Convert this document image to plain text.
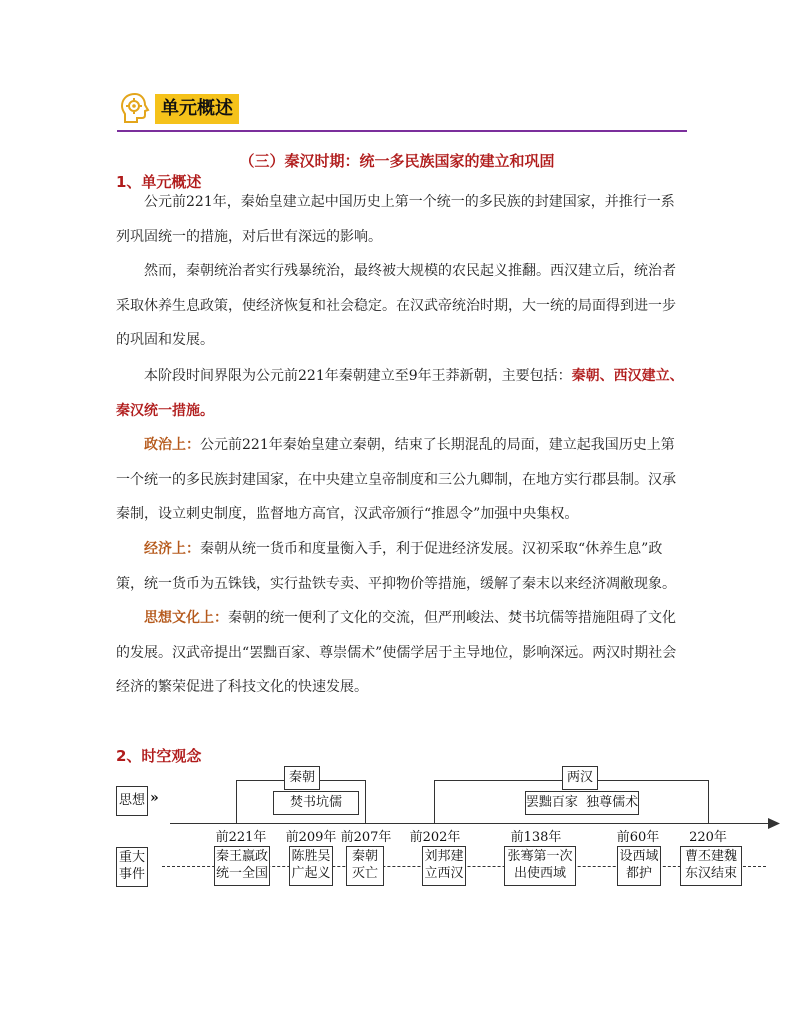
单元概述
（三）秦汉时期：统一多民族国家的建立和巩固
1、单元概述
公元前221年，秦始皇建立起中国历史上第一个统一的多民族的封建国家，并推行一系列巩固统一的措施，对后世有深远的影响。
然而，秦朝统治者实行残暴统治，最终被大规模的农民起义推翻。西汉建立后，统治者采取休养生息政策，使经济恢复和社会稳定。在汉武帝统治时期，大一统的局面得到进一步的巩固和发展。
本阶段时间界限为公元前221年秦朝建立至9年王莽新朝，主要包括：秦朝、西汉建立、秦汉统一措施。
政治上：公元前221年秦始皇建立秦朝，结束了长期混乱的局面，建立起我国历史上第一个统一的多民族封建国家，在中央建立皇帝制度和三公九卿制，在地方实行郡县制。汉承秦制，设立刺史制度，监督地方高官，汉武帝颁行“推恩令”加强中央集权。
经济上：秦朝从统一货币和度量衡入手，利于促进经济发展。汉初采取“休养生息”政策，统一货币为五铢钱，实行盐铁专卖、平抑物价等措施，缓解了秦末以来经济凋敝现象。
思想文化上：秦朝的统一便利了文化的交流，但严刑峻法、焚书坑儒等措施阻碍了文化的发展。汉武帝提出“罢黜百家、尊崇儒术”使儒学居于主导地位，影响深远。两汉时期社会经济的繁荣促进了科技文化的快速发展。
2、时空观念
思想 »
重大
事件
秦朝
焚书坑儒
两汉
罢黜百家  独尊儒术
前221年	前209年 前207年	前202年	前138年	前60年	220年
秦王嬴政
统一全国
陈胜吴
广起义
秦朝
灭亡
刘邦建
立西汉
张骞第一次
出使西域
设西域
都护
曹丕建魏
东汉结束
